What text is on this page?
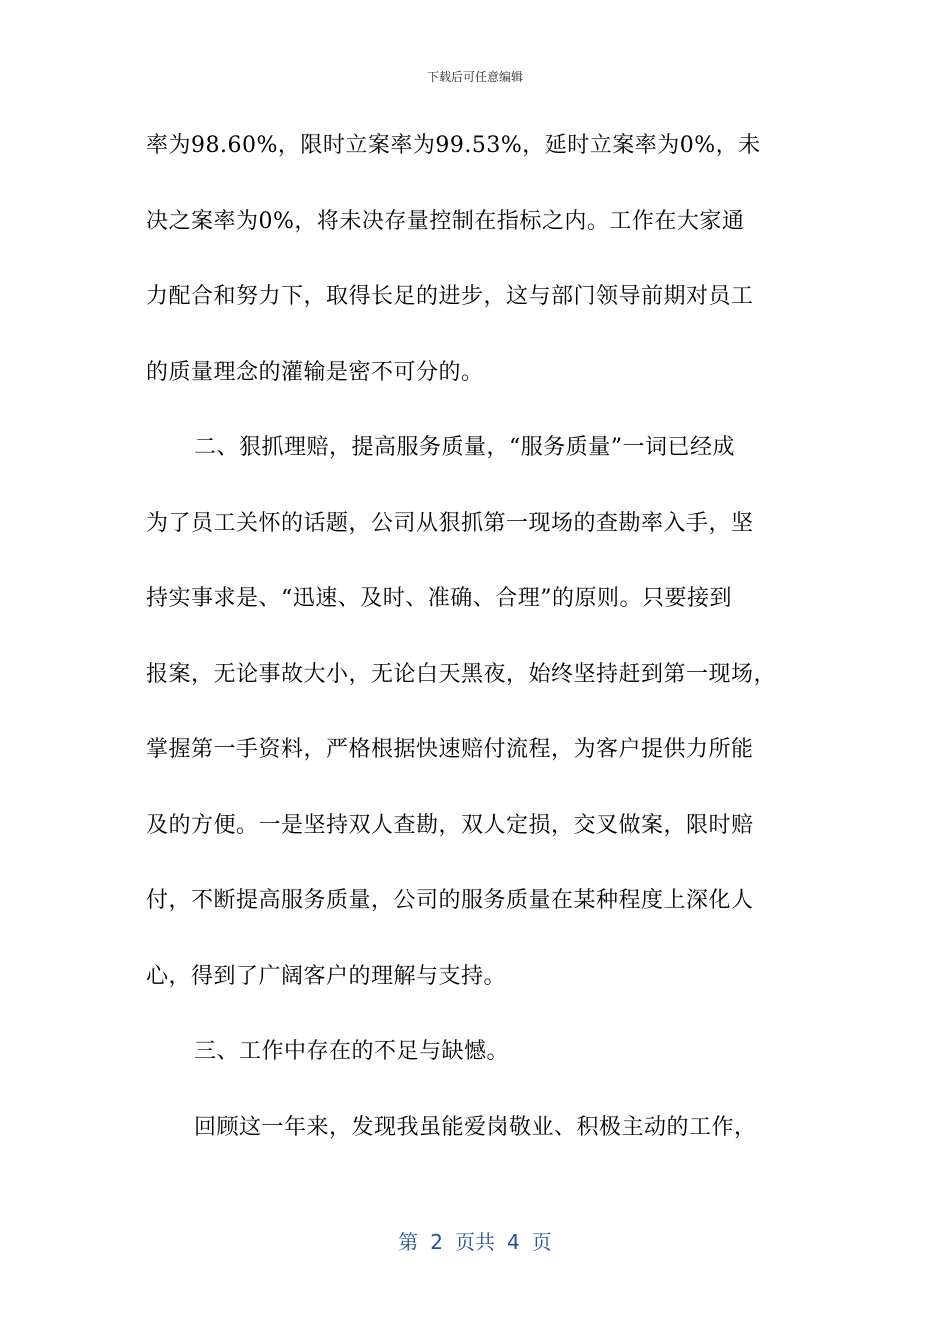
下载后可任意编辑
率为98.60%，限时立案率为99.53%，延时立案率为0%，未
决之案率为0%，将未决存量控制在指标之内。工作在大家通
力配合和努力下，取得长足的进步，这与部门领导前期对员工
的质量理念的灌输是密不可分的。
二、狠抓理赔，提高服务质量，“服务质量”一词已经成
为了员工关怀的话题，公司从狠抓第一现场的查勘率入手，坚
持实事求是、“迅速、及时、准确、合理”的原则。只要接到
报案，无论事故大小，无论白天黑夜，始终坚持赶到第一现场，
掌握第一手资料，严格根据快速赔付流程，为客户提供力所能
及的方便。一是坚持双人查勘，双人定损，交叉做案，限时赔
付，不断提高服务质量，公司的服务质量在某种程度上深化人
心，得到了广阔客户的理解与支持。
三、工作中存在的不足与缺憾。
回顾这一年来，发现我虽能爱岗敬业、积极主动的工作，
第 2 页共 4 页
